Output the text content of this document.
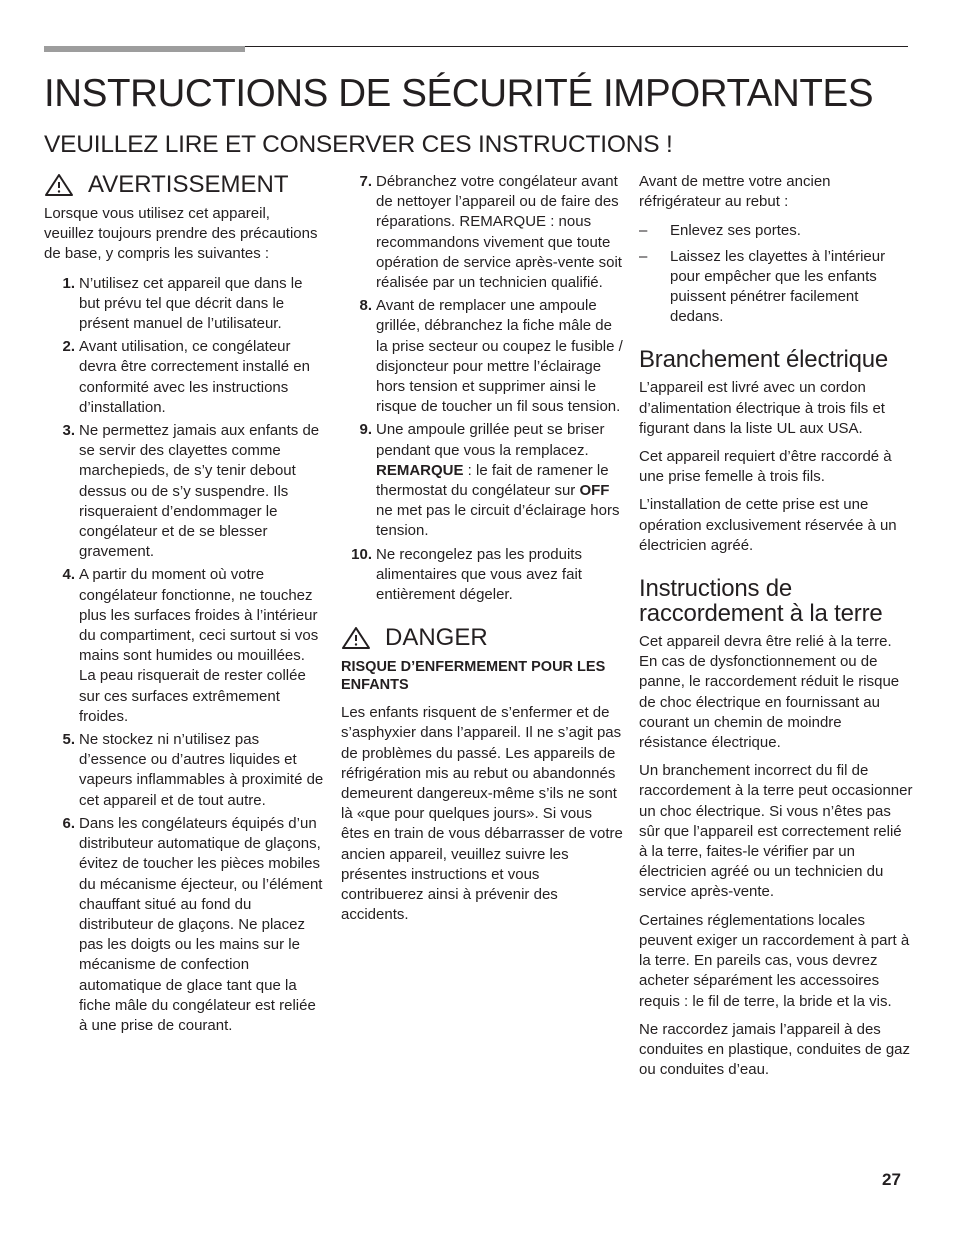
INSTRUCTIONS DE SÉCURITÉ IMPORTANTES
VEUILLEZ LIRE ET CONSERVER CES INSTRUCTIONS !
AVERTISSEMENT

Lorsque vous utilisez cet appareil, veuillez toujours prendre des précautions de base, y compris les suivantes :

1. N’utilisez cet appareil que dans le but prévu tel que décrit dans le présent manuel de l’utilisateur.
2. Avant utilisation, ce congélateur devra être correctement installé en conformité avec les instructions d’installation.
3. Ne permettez jamais aux enfants de se servir des clayettes comme marchepieds, de s’y tenir debout dessus ou de s’y suspendre. Ils risqueraient d’endommager le congélateur et de se blesser gravement.
4. A partir du moment où votre congélateur fonctionne, ne touchez plus les surfaces froides à l’intérieur du compartiment, ceci surtout si vos mains sont humides ou mouillées. La peau risquerait de rester collée sur ces surfaces extrêmement froides.
5. Ne stockez ni n’utilisez pas d’essence ou d’autres liquides et vapeurs inflammables à proximité de cet appareil et de tout autre.
6. Dans les congélateurs équipés d’un distributeur automatique de glaçons, évitez de toucher les pièces mobiles du mécanisme éjecteur, ou l’élément chauffant situé au fond du distributeur de glaçons. Ne placez pas les doigts ou les mains sur le mécanisme de confection automatique de glace tant que la fiche mâle du congélateur est reliée à une prise de courant.
7. Débranchez votre congélateur avant de nettoyer l’appareil ou de faire des réparations. REMARQUE : nous recommandons vivement que toute opération de service après-vente soit réalisée par un technicien qualifié.
8. Avant de remplacer une ampoule grillée, débranchez la fiche mâle de la prise secteur ou coupez le fusible / disjoncteur pour mettre l’éclairage hors tension et supprimer ainsi le risque de toucher un fil sous tension.
9. Une ampoule grillée peut se briser pendant que vous la remplacez.
REMARQUE : le fait de ramener le thermostat du congélateur sur OFF ne met pas le circuit d’éclairage hors tension.
10. Ne recongelez pas les produits alimentaires que vous avez fait entièrement dégeler.
DANGER

RISQUE D’ENFERMEMENT POUR LES ENFANTS

Les enfants risquent de s’enfermer et de s’asphyxier dans l’appareil. Il ne s’agit pas de problèmes du passé. Les appareils de réfrigération mis au rebut ou abandonnés demeurent dangereux-même s’ils ne sont là «que pour quelques jours». Si vous êtes en train de vous débarrasser de votre ancien appareil, veuillez suivre les présentes instructions et vous contribuerez ainsi à prévenir des accidents.

Avant de mettre votre ancien réfrigérateur au rebut :

–	Enlevez ses portes.
–	Laissez les clayettes à l’intérieur pour empêcher que les enfants puissent pénétrer facilement dedans.
Branchement électrique

L’appareil est livré avec un cordon d’alimentation électrique à trois fils et figurant dans la liste UL aux USA.

Cet appareil requiert d’être raccordé à une prise femelle à trois fils.

L’installation de cette prise est une opération exclusivement réservée à un électricien agréé.

Instructions de raccordement à la terre

Cet appareil devra être relié à la terre. En cas de dysfonctionnement ou de panne, le raccordement réduit le risque de choc électrique en fournissant au courant un chemin de moindre résistance électrique.

Un branchement incorrect du fil de raccordement à la terre peut occasionner un choc électrique. Si vous n’êtes pas sûr que l’appareil est correctement relié à la terre, faites-le vérifier par un électricien agréé ou un technicien du service après-vente.

Certaines réglementations locales peuvent exiger un raccordement à part à la terre. En pareils cas, vous devrez acheter séparément les accessoires requis : le fil de terre, la bride et la vis.

Ne raccordez jamais l’appareil à des conduites en plastique, conduites de gaz ou conduites d’eau.

27
